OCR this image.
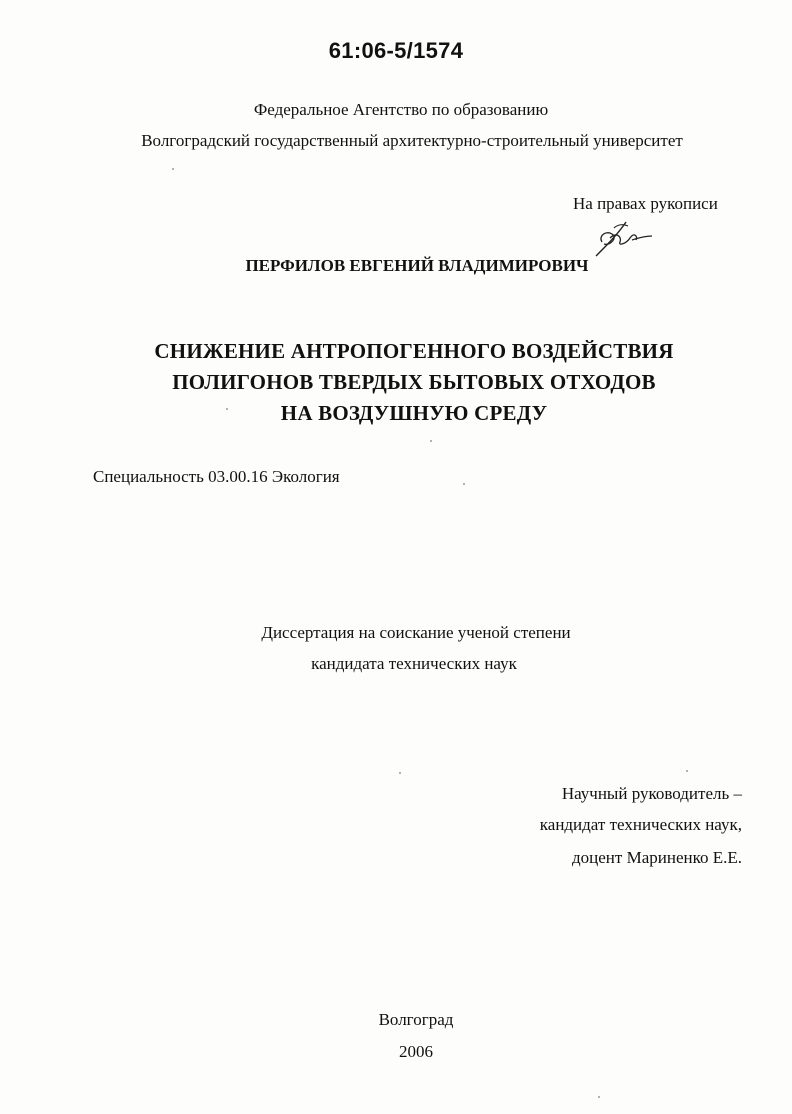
61:06-5/1574
Федеральное Агентство по образованию
Волгоградский государственный архитектурно-строительный университет
На правах рукописи
ПЕРФИЛОВ ЕВГЕНИЙ ВЛАДИМИРОВИЧ
СНИЖЕНИЕ АНТРОПОГЕННОГО ВОЗДЕЙСТВИЯ
ПОЛИГОНОВ ТВЕРДЫХ БЫТОВЫХ ОТХОДОВ
НА ВОЗДУШНУЮ СРЕДУ
Специальность 03.00.16 Экология
Диссертация на соискание ученой степени
кандидата технических наук
Научный руководитель –
кандидат технических наук,
доцент Мариненко Е.Е.
Волгоград
2006
